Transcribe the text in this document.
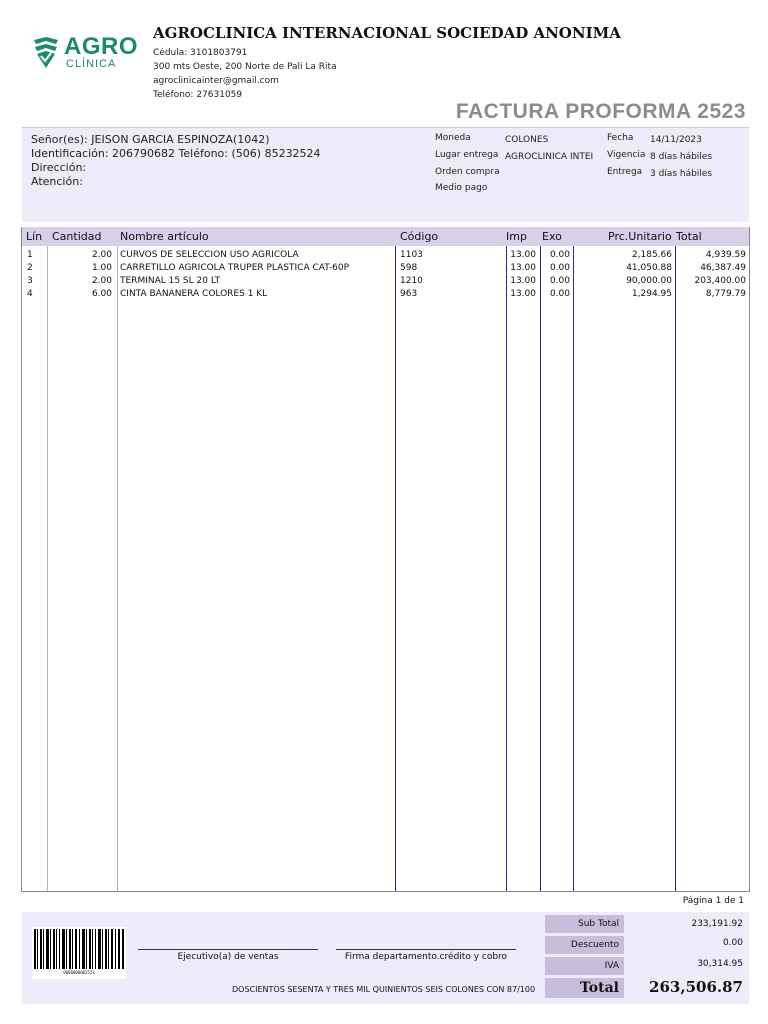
AGRO
CLÍNICA
AGROCLINICA INTERNACIONAL SOCIEDAD ANONIMA
Cédula: 3101803791
300 mts Oeste, 200 Norte de Pali La Rita
agroclinicainter@gmail.com
Teléfono: 27631059
FACTURA PROFORMA 2523
Señor(es): JEISON GARCIA ESPINOZA(1042)
Identificación: 206790682 Teléfono: (506) 85232524
Dirección:
Atención:
Moneda	COLONES
Lugar entrega AGROCLINICA INTEI
Orden compra
Medio pago
Fecha 14/11/2023
Vigencia 8 días hábiles
Entrega 3 días hábiles
Lín Cantidad Nombre artículo	Código	Imp Exo	Prc.Unitario Total
1	2.00 CURVOS DE SELECCION USO AGRICOLA	1103	13.00 0.00	2,185.66	4,939.59
2	1.00 CARRETILLO AGRICOLA TRUPER PLASTICA CAT-60P	598	13.00 0.00	41,050.88	46,387.49
3	2.00 TERMINAL 15 SL 20 LT	1210	13.00 0.00	90,000.00 203,400.00
4	6.00 CINTA BANANERA COLORES 1 KL	963	13.00 0.00	1,294.95	8,779.79
Página 1 de 1
0000000002523
Ejecutivo(a) de ventas	Firma departamento.crédito y cobro
DOSCIENTOS SESENTA Y TRES MIL QUINIENTOS SEIS COLONES CON 87/100
Sub Total	233,191.92
Descuento	0.00
IVA	30,314.95
Total	263,506.87
